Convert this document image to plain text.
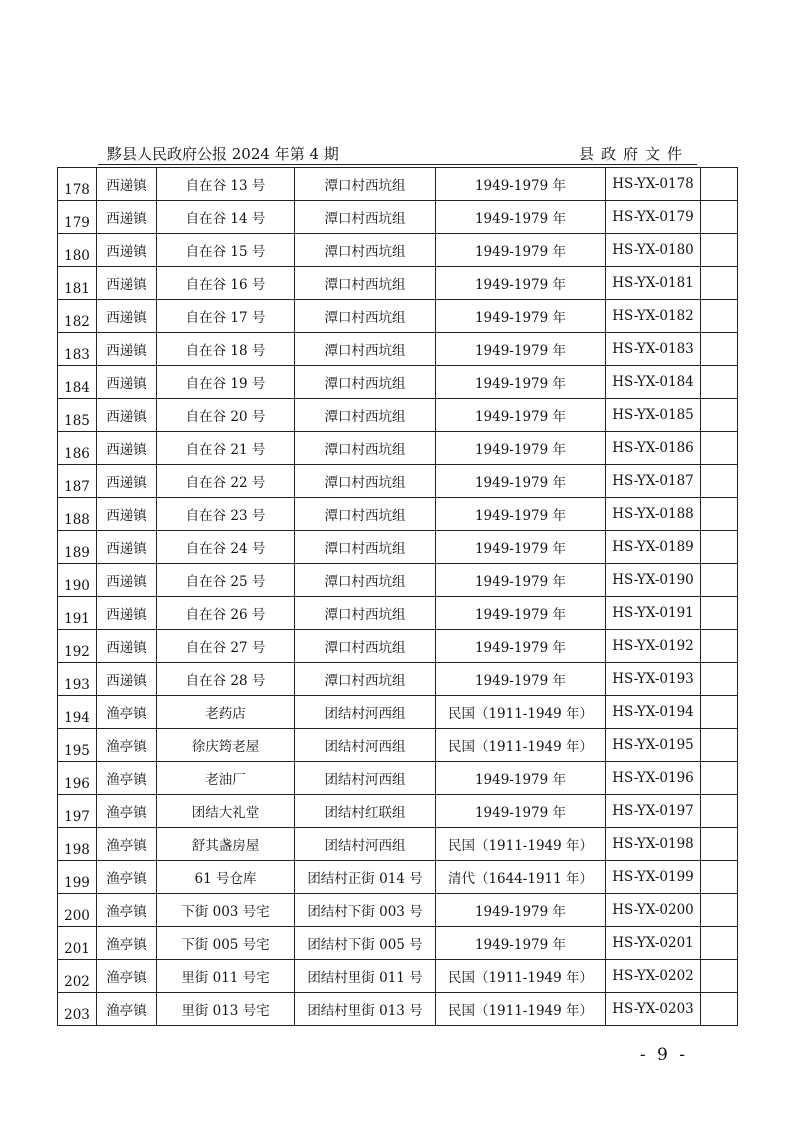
黟县人民政府公报 2024 年第 4 期	县政府文件
178	西递镇	自在谷 13 号	潭口村西坑组	1949-1979 年	HS-YX-0178	
179	西递镇	自在谷 14 号	潭口村西坑组	1949-1979 年	HS-YX-0179	
180	西递镇	自在谷 15 号	潭口村西坑组	1949-1979 年	HS-YX-0180	
181	西递镇	自在谷 16 号	潭口村西坑组	1949-1979 年	HS-YX-0181	
182	西递镇	自在谷 17 号	潭口村西坑组	1949-1979 年	HS-YX-0182	
183	西递镇	自在谷 18 号	潭口村西坑组	1949-1979 年	HS-YX-0183	
184	西递镇	自在谷 19 号	潭口村西坑组	1949-1979 年	HS-YX-0184	
185	西递镇	自在谷 20 号	潭口村西坑组	1949-1979 年	HS-YX-0185	
186	西递镇	自在谷 21 号	潭口村西坑组	1949-1979 年	HS-YX-0186	
187	西递镇	自在谷 22 号	潭口村西坑组	1949-1979 年	HS-YX-0187	
188	西递镇	自在谷 23 号	潭口村西坑组	1949-1979 年	HS-YX-0188	
189	西递镇	自在谷 24 号	潭口村西坑组	1949-1979 年	HS-YX-0189	
190	西递镇	自在谷 25 号	潭口村西坑组	1949-1979 年	HS-YX-0190	
191	西递镇	自在谷 26 号	潭口村西坑组	1949-1979 年	HS-YX-0191	
192	西递镇	自在谷 27 号	潭口村西坑组	1949-1979 年	HS-YX-0192	
193	西递镇	自在谷 28 号	潭口村西坑组	1949-1979 年	HS-YX-0193	
194	渔亭镇	老药店	团结村河西组	民国（1911-1949 年）	HS-YX-0194	
195	渔亭镇	徐庆筠老屋	团结村河西组	民国（1911-1949 年）	HS-YX-0195	
196	渔亭镇	老油厂	团结村河西组	1949-1979 年	HS-YX-0196	
197	渔亭镇	团结大礼堂	团结村红联组	1949-1979 年	HS-YX-0197	
198	渔亭镇	舒其盏房屋	团结村河西组	民国（1911-1949 年）	HS-YX-0198	
199	渔亭镇	61 号仓库	团结村正街 014 号	清代（1644-1911 年）	HS-YX-0199	
200	渔亭镇	下街 003 号宅	团结村下街 003 号	1949-1979 年	HS-YX-0200	
201	渔亭镇	下街 005 号宅	团结村下街 005 号	1949-1979 年	HS-YX-0201	
202	渔亭镇	里街 011 号宅	团结村里街 011 号	民国（1911-1949 年）	HS-YX-0202	
203	渔亭镇	里街 013 号宅	团结村里街 013 号	民国（1911-1949 年）	HS-YX-0203	
- 9 -
